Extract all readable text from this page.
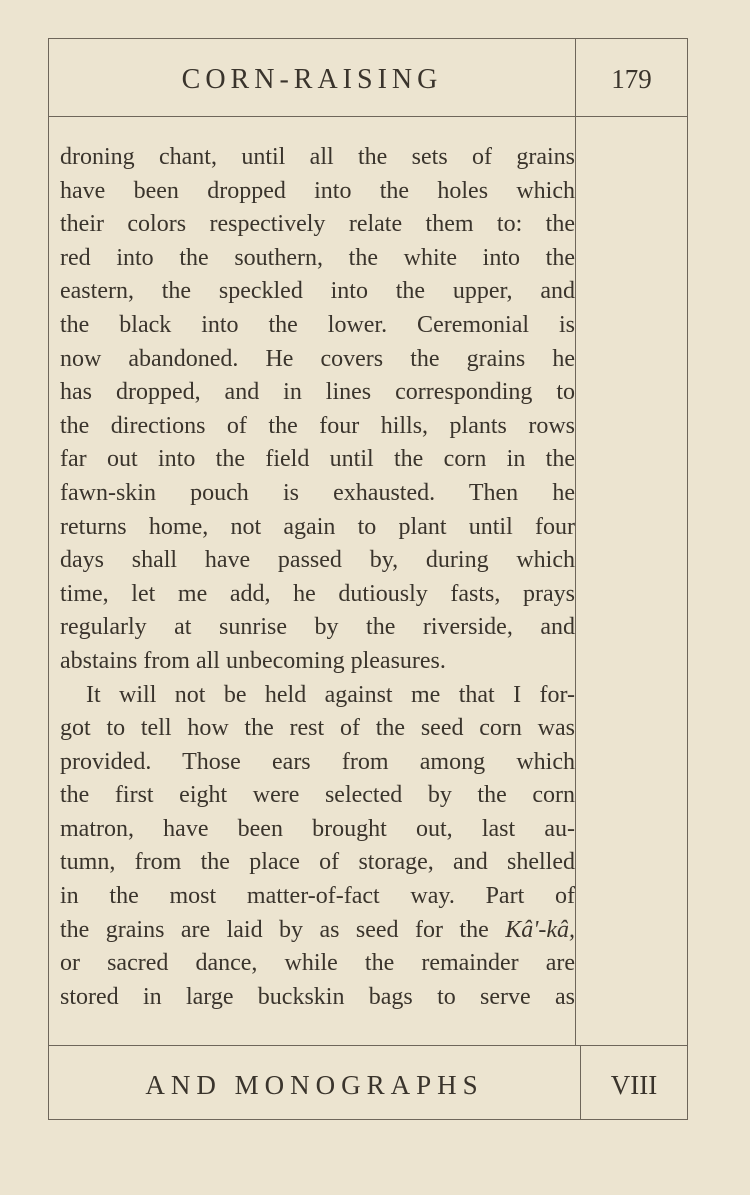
CORN-RAISING	179
droning chant, until all the sets of grains
have been dropped into the holes which
their colors respectively relate them to: the
red into the southern, the white into the
eastern, the speckled into the upper, and
the black into the lower. Ceremonial is
now abandoned. He covers the grains he
has dropped, and in lines corresponding to
the directions of the four hills, plants rows
far out into the field until the corn in the
fawn-skin pouch is exhausted. Then he
returns home, not again to plant until four
days shall have passed by, during which
time, let me add, he dutiously fasts, prays
regularly at sunrise by the riverside, and
abstains from all unbecoming pleasures.
It will not be held against me that I for-
got to tell how the rest of the seed corn was
provided. Those ears from among which
the first eight were selected by the corn
matron, have been brought out, last au-
tumn, from the place of storage, and shelled
in the most matter-of-fact way. Part of
the grains are laid by as seed for the Kâ'-kâ,
or sacred dance, while the remainder are
stored in large buckskin bags to serve as
AND MONOGRAPHS	VIII
